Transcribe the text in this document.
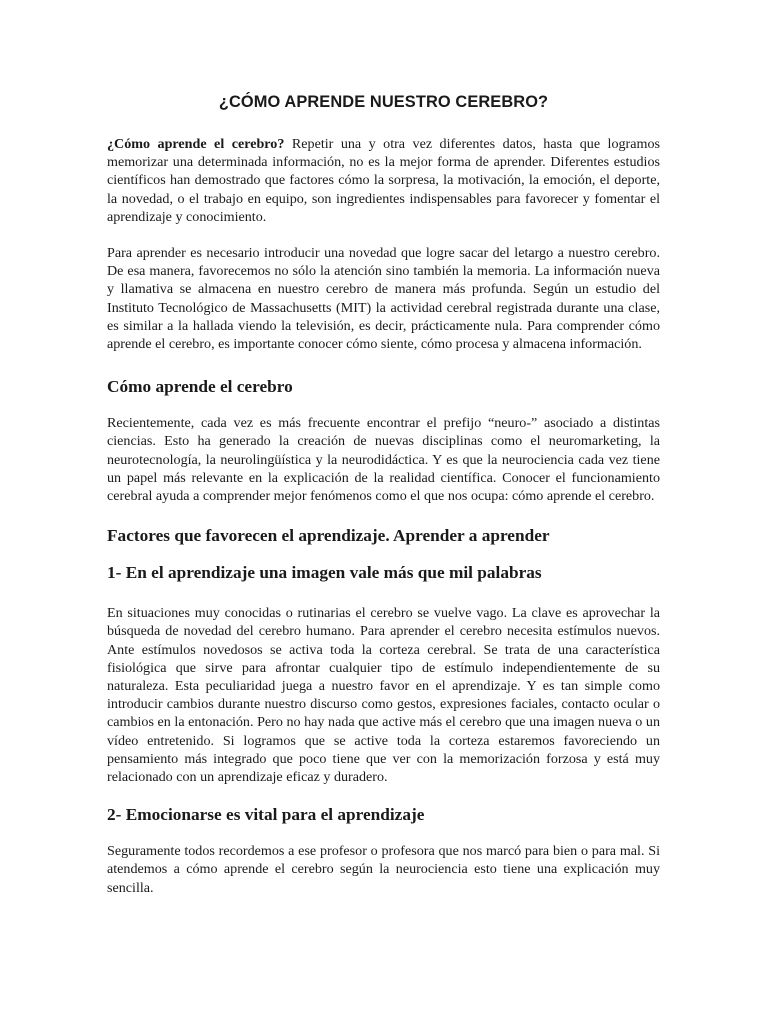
¿CÓMO APRENDE NUESTRO CEREBRO?

¿Cómo aprende el cerebro? Repetir una y otra vez diferentes datos, hasta que logramos memorizar una determinada información, no es la mejor forma de aprender. Diferentes estudios científicos han demostrado que factores cómo la sorpresa, la motivación, la emoción, el deporte, la novedad, o el trabajo en equipo, son ingredientes indispensables para favorecer y fomentar el aprendizaje y conocimiento.

Para aprender es necesario introducir una novedad que logre sacar del letargo a nuestro cerebro. De esa manera, favorecemos no sólo la atención sino también la memoria. La información nueva y llamativa se almacena en nuestro cerebro de manera más profunda. Según un estudio del Instituto Tecnológico de Massachusetts (MIT) la actividad cerebral registrada durante una clase, es similar a la hallada viendo la televisión, es decir, prácticamente nula. Para comprender cómo aprende el cerebro, es importante conocer cómo siente, cómo procesa y almacena información.

Cómo aprende el cerebro

Recientemente, cada vez es más frecuente encontrar el prefijo “neuro-” asociado a distintas ciencias. Esto ha generado la creación de nuevas disciplinas como el neuromarketing, la neurotecnología, la neurolingüística y la neurodidáctica. Y es que la neurociencia cada vez tiene un papel más relevante en la explicación de la realidad científica. Conocer el funcionamiento cerebral ayuda a comprender mejor fenómenos como el que nos ocupa: cómo aprende el cerebro.

Factores que favorecen el aprendizaje. Aprender a aprender
1- En el aprendizaje una imagen vale más que mil palabras

En situaciones muy conocidas o rutinarias el cerebro se vuelve vago. La clave es aprovechar la búsqueda de novedad del cerebro humano. Para aprender el cerebro necesita estímulos nuevos. Ante estímulos novedosos se activa toda la corteza cerebral. Se trata de una característica fisiológica que sirve para afrontar cualquier tipo de estímulo independientemente de su naturaleza. Esta peculiaridad juega a nuestro favor en el aprendizaje. Y es tan simple como introducir cambios durante nuestro discurso como gestos, expresiones faciales, contacto ocular o cambios en la entonación. Pero no hay nada que active más el cerebro que una imagen nueva o un vídeo entretenido. Si logramos que se active toda la corteza estaremos favoreciendo un pensamiento más integrado que poco tiene que ver con la memorización forzosa y está muy relacionado con un aprendizaje eficaz y duradero.

2- Emocionarse es vital para el aprendizaje

Seguramente todos recordemos a ese profesor o profesora que nos marcó para bien o para mal. Si atendemos a cómo aprende el cerebro según la neurociencia esto tiene una explicación muy sencilla.
